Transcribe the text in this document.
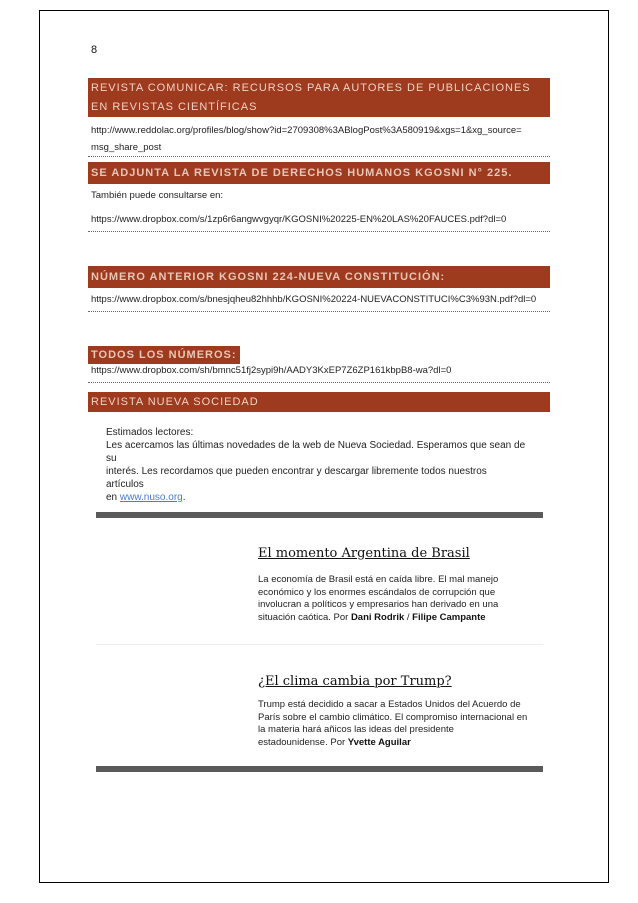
8
REVISTA COMUNICAR: RECURSOS PARA AUTORES DE PUBLICACIONES EN REVISTAS CIENTÍFICAS
http://www.reddolac.org/profiles/blog/show?id=2709308%3ABlogPost%3A580919&xgs=1&xg_source=
msg_share_post
SE ADJUNTA LA REVISTA DE DERECHOS HUMANOS KGOSNI N° 225.
También puede consultarse en:
https://www.dropbox.com/s/1zp6r6angwvgyqr/KGOSNI%20225-EN%20LAS%20FAUCES.pdf?dl=0
NÚMERO ANTERIOR KGOSNI 224-NUEVA CONSTITUCIÓN:
https://www.dropbox.com/s/bnesjqheu82hhhb/KGOSNI%20224-NUEVACONSTITUCI%C3%93N.pdf?dl=0
TODOS LOS NÚMEROS:
https://www.dropbox.com/sh/bmnc51fj2sypi9h/AADY3KxEP7Z6ZP161kbpB8-wa?dl=0
REVISTA NUEVA SOCIEDAD
Estimados lectores:
Les acercamos las últimas novedades de la web de Nueva Sociedad. Esperamos que sean de su
interés. Les recordamos que pueden encontrar y descargar libremente todos nuestros artículos
en www.nuso.org.
El momento Argentina de Brasil
La economía de Brasil está en caída libre. El mal manejo
económico y los enormes escándalos de corrupción que
involucran a políticos y empresarios han derivado en una
situación caótica. Por Dani Rodrik / Filipe Campante
¿El clima cambia por Trump?
Trump está decidido a sacar a Estados Unidos del Acuerdo de
París sobre el cambio climático. El compromiso internacional en
la materia hará añicos las ideas del presidente
estadounidense. Por Yvette Aguilar
